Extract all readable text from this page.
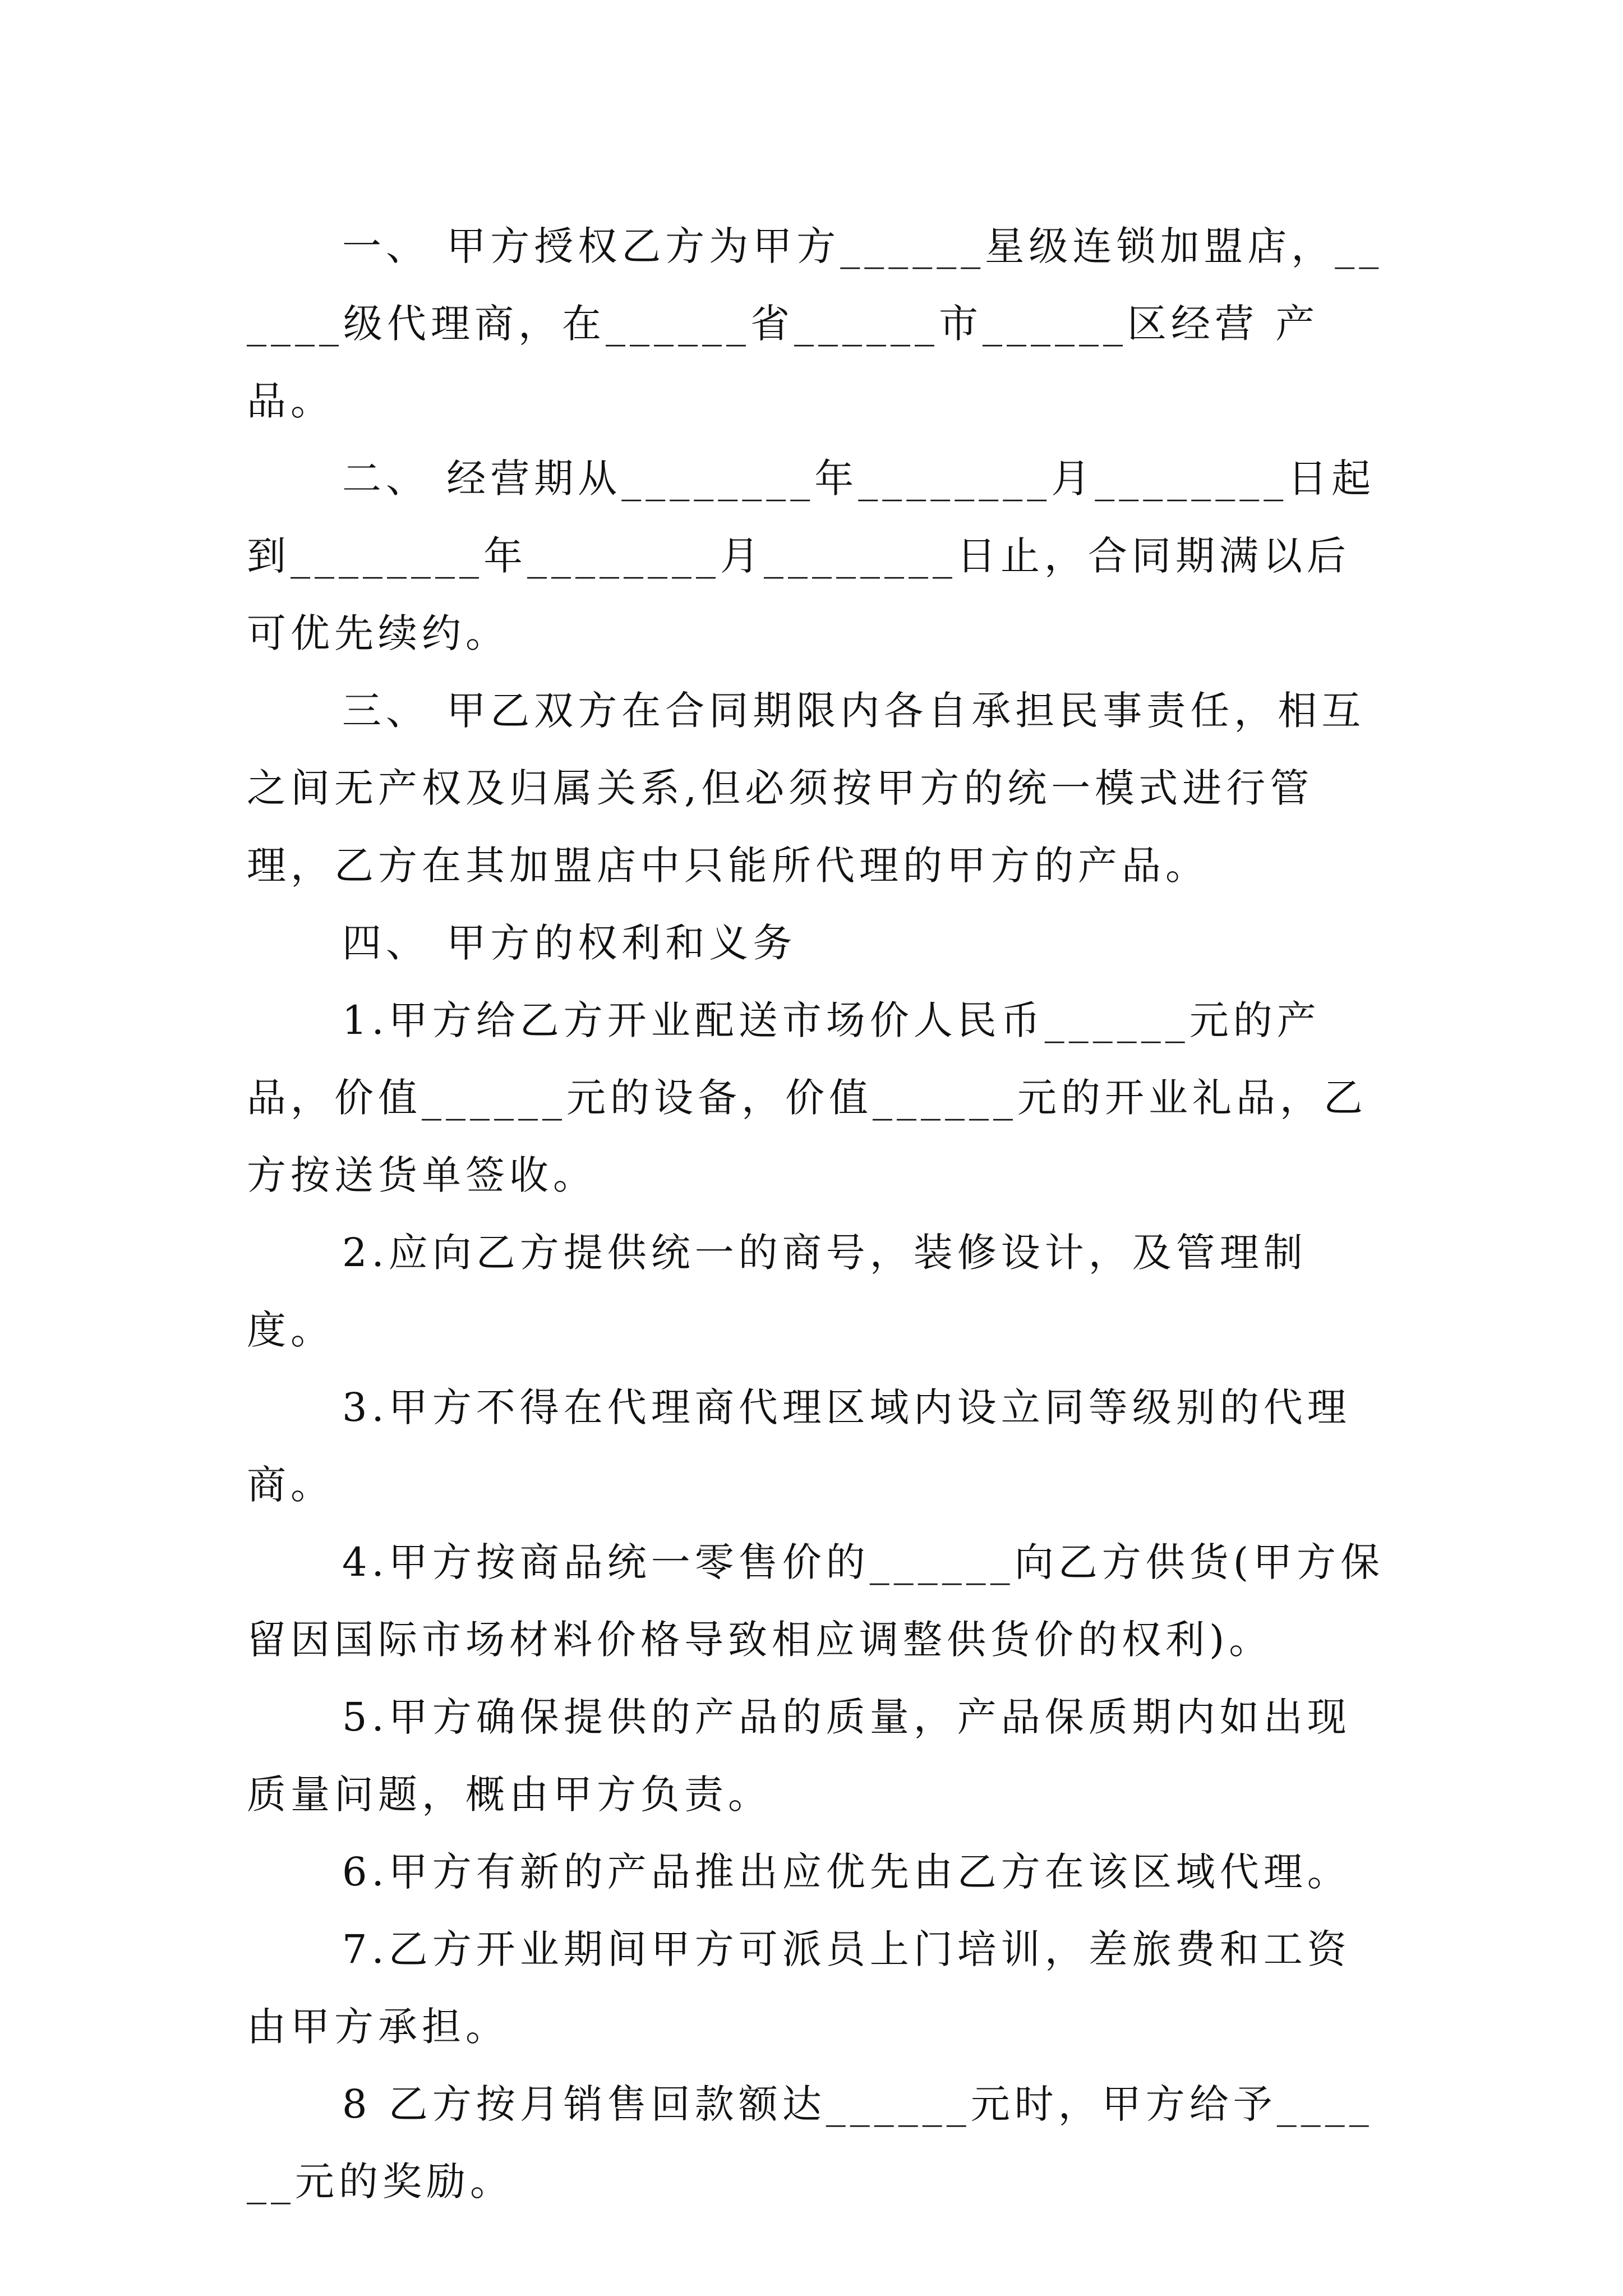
一、 甲方授权乙方为甲方______星级连锁加盟店，______级代理商，在______省______市______区经营 产品。

二、 经营期从________年________月________日起到________年________月________日止，合同期满以后可优先续约。

三、 甲乙双方在合同期限内各自承担民事责任，相互之间无产权及归属关系,但必须按甲方的统一模式进行管理，乙方在其加盟店中只能所代理的甲方的产品。

四、 甲方的权利和义务

1.甲方给乙方开业配送市场价人民币______元的产品，价值______元的设备，价值______元的开业礼品，乙方按送货单签收。

2.应向乙方提供统一的商号，装修设计，及管理制度。

3.甲方不得在代理商代理区域内设立同等级别的代理商。

4.甲方按商品统一零售价的______向乙方供货(甲方保留因国际市场材料价格导致相应调整供货价的权利)。

5.甲方确保提供的产品的质量，产品保质期内如出现质量问题，概由甲方负责。

6.甲方有新的产品推出应优先由乙方在该区域代理。

7.乙方开业期间甲方可派员上门培训，差旅费和工资由甲方承担。

8 乙方按月销售回款额达______元时，甲方给予______元的奖励。
